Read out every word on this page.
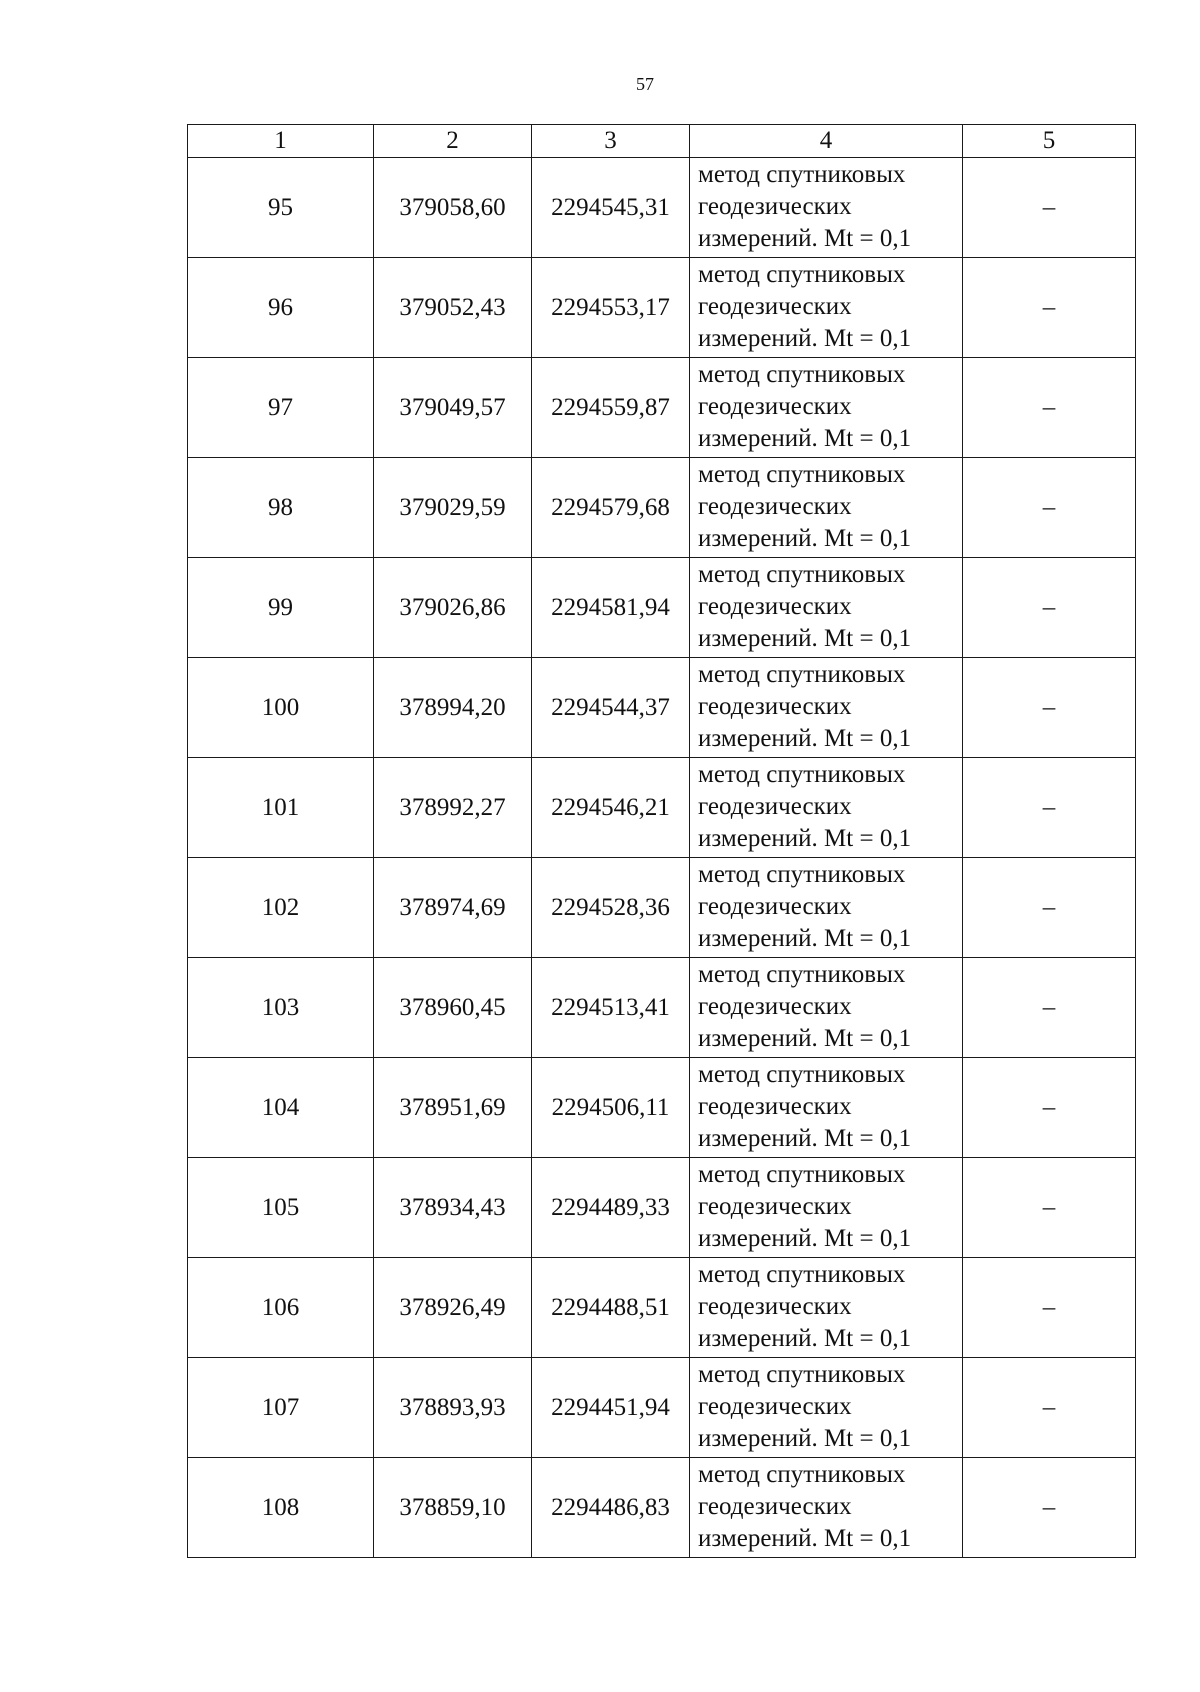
57
1	2	3	4	5
95	379058,60	2294545,31	метод спутниковых
геодезических
измерений. Mt = 0,1	–
96	379052,43	2294553,17	метод спутниковых
геодезических
измерений. Mt = 0,1	–
97	379049,57	2294559,87	метод спутниковых
геодезических
измерений. Mt = 0,1	–
98	379029,59	2294579,68	метод спутниковых
геодезических
измерений. Mt = 0,1	–
99	379026,86	2294581,94	метод спутниковых
геодезических
измерений. Mt = 0,1	–
100	378994,20	2294544,37	метод спутниковых
геодезических
измерений. Mt = 0,1	–
101	378992,27	2294546,21	метод спутниковых
геодезических
измерений. Mt = 0,1	–
102	378974,69	2294528,36	метод спутниковых
геодезических
измерений. Mt = 0,1	–
103	378960,45	2294513,41	метод спутниковых
геодезических
измерений. Mt = 0,1	–
104	378951,69	2294506,11	метод спутниковых
геодезических
измерений. Mt = 0,1	–
105	378934,43	2294489,33	метод спутниковых
геодезических
измерений. Mt = 0,1	–
106	378926,49	2294488,51	метод спутниковых
геодезических
измерений. Mt = 0,1	–
107	378893,93	2294451,94	метод спутниковых
геодезических
измерений. Mt = 0,1	–
108	378859,10	2294486,83	метод спутниковых
геодезических
измерений. Mt = 0,1	–
